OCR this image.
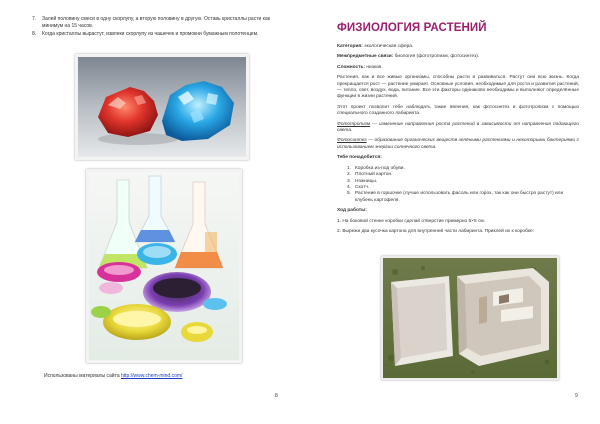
7.	Залей половину смеси в одну скорлупу, а вторую половину в другую. Оставь кристаллы расти как минимум на 15 часов.
8.	Когда кристаллы вырастут, извлеки скорлупу из чашечек и промокни бумажным полотенцем.
Использованы материалы сайта http://www.chem-mind.com/
8
ФИЗИОЛОГИЯ РАСТЕНИЙ

Категория: экологическая сфера.

Межпредметные связи: биология (фототропизм, фотосинтез).

Сложность: низкая.

Растения, как и все живые организмы, способны расти и развиваться. Растут они всю жизнь. Когда прекращается рост — растение умирает. Основные условия, необходимые для роста и развития растений, — тепло, свет, воздух, вода, питание. Все эти факторы одинаково необходимы и выполняют определённые функции в жизни растений.

Этот проект позволит тебе наблюдать такие явления, как фотосинтез и фототропизм с помощью специального созданного лабиринта.

Фототропизм — изменение направления роста растений в зависимости от направления падающего света.

Фотосинтез — образование органических веществ зелёными растениями и некоторыми бактериями с использованием энергии солнечного света.

Тебе понадобится:

1. Коробка из-под обуви.
2. Плотный картон.
3. Ножницы.
4. Скотч.
5. Растение в горшочке (лучше использовать фасоль или горох, так как они быстро растут) или клубень картофеля.

Ход работы:

1. На боковой стенке коробки сделай отверстие примерно 5×5 см.

2. Вырежи два кусочка картона для внутренней части лабиринта. Приклей их к коробке:

9
